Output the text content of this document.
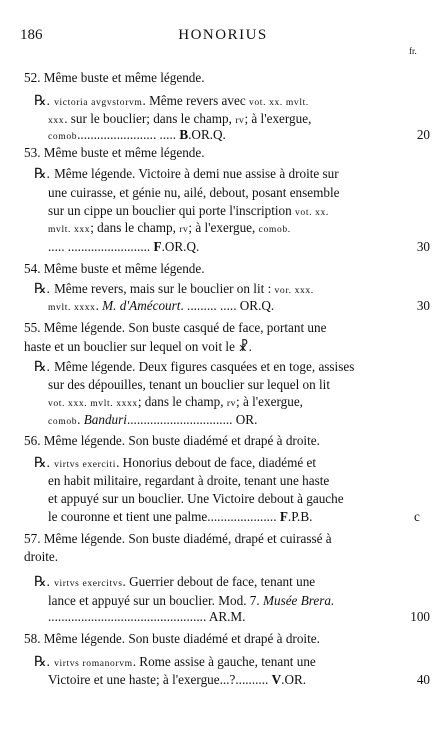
186	HONORIUS
fr.
52. Même buste et même légende.
℞. victoria avgvstorvm. Même revers avec vot. xx. mvlt.
xxx. sur le bouclier; dans le champ, rv; à l'exergue,
comob........................ ..... B.OR.Q.	20
53. Même buste et même légende.
℞. Même légende. Victoire à demi nue assise à droite sur
une cuirasse, et génie nu, ailé, debout, posant ensemble
sur un cippe un bouclier qui porte l'inscription vot. xx.
mvlt. xxx; dans le champ, rv; à l'exergue, comob.
..... ......................... F.OR.Q.	30
54. Même buste et même légende.
℞. Même revers, mais sur le bouclier on lit : vor. xxx.
mvlt. xxxx. M. d'Amécourt. ......... ..... OR.Q.	30
55. Même légende. Son buste casqué de face, portant une
haste et un bouclier sur lequel on voit le ☧.
℞. Même légende. Deux figures casquées et en toge, assises
sur des dépouilles, tenant un bouclier sur lequel on lit
vot. xxx. mvlt. xxxx; dans le champ, rv; à l'exergue,
comob. Banduri................................ OR.
56. Même légende. Son buste diadémé et drapé à droite.
℞. virtvs exerciti. Honorius debout de face, diadémé et
en habit militaire, regardant à droite, tenant une haste
et appuyé sur un bouclier. Une Victoire debout à gauche
le couronne et tient une palme..................... F.P.B.	c
57. Même légende. Son buste diadémé, drapé et cuirassé à
droite.
℞. virtvs exercitvs. Guerrier debout de face, tenant une
lance et appuyé sur un bouclier. Mod. 7. Musée Brera.
................................................ AR.M.	100
58. Même légende. Son buste diadémé et drapé à droite.
℞. virtvs romanorvm. Rome assise à gauche, tenant une
Victoire et une haste; à l'exergue...?.......... V.OR.	40
